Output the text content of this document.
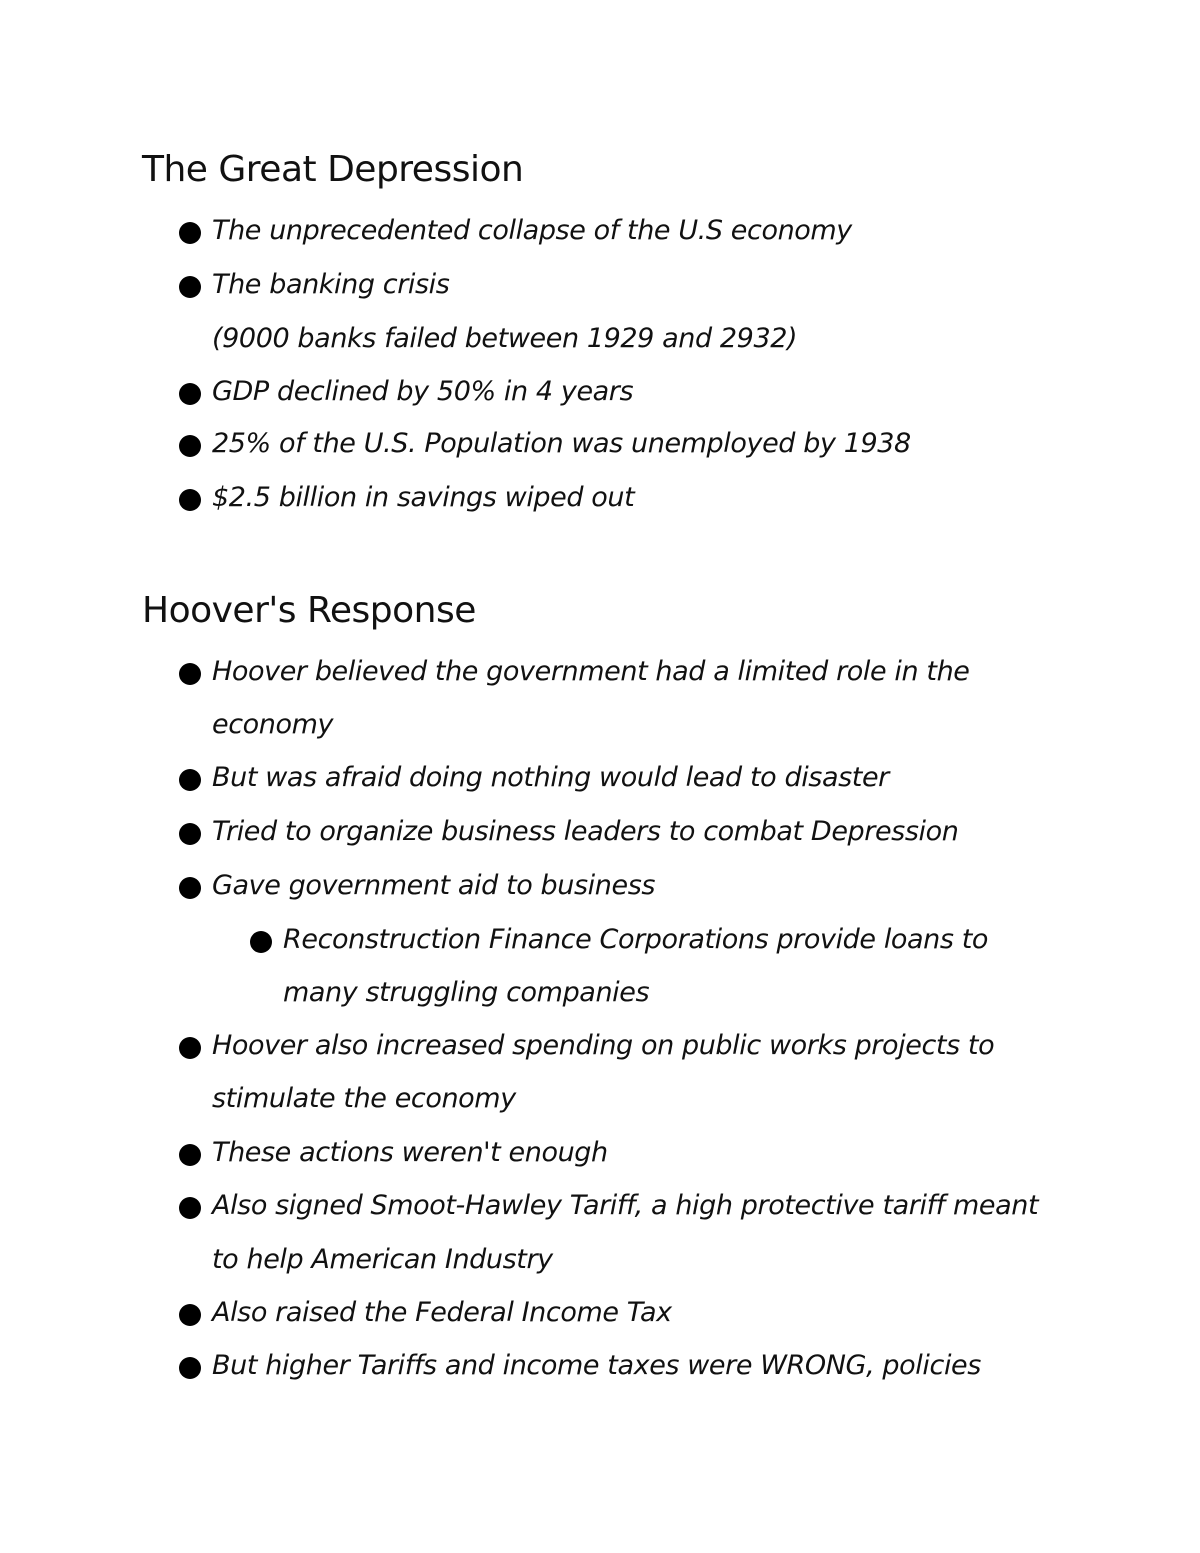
The Great Depression

The unprecedented collapse of the U.S economy

The banking crisis

(9000 banks failed between 1929 and 2932)

GDP declined by 50% in 4 years

25% of the U.S. Population was unemployed by 1938

$2.5 billion in savings wiped out

Hoover's Response

Hoover believed the government had a limited role in the

economy

But was afraid doing nothing would lead to disaster

Tried to organize business leaders to combat Depression

Gave government aid to business

Reconstruction Finance Corporations provide loans to

many struggling companies

Hoover also increased spending on public works projects to

stimulate the economy

These actions weren't enough

Also signed Smoot-Hawley Tariff, a high protective tariff meant

to help American Industry

Also raised the Federal Income Tax

But higher Tariffs and income taxes were WRONG, policies
